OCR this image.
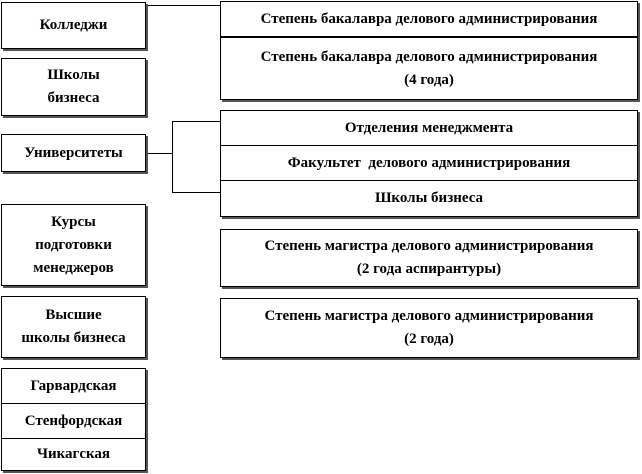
Колледжи
Школы
бизнеса
Университеты
Курсы
подготовки
менеджеров
Высшие
школы бизнеса
Гарвардская
Стенфордская
Чикагская
Степень бакалавра делового администрирования
Степень бакалавра делового администрирования
(4 года)
Отделения менеджмента
Факультет  делового администрирования
Школы бизнеса
Степень магистра делового администрирования
(2 года аспирантуры)
Степень магистра делового администрирования
(2 года)
